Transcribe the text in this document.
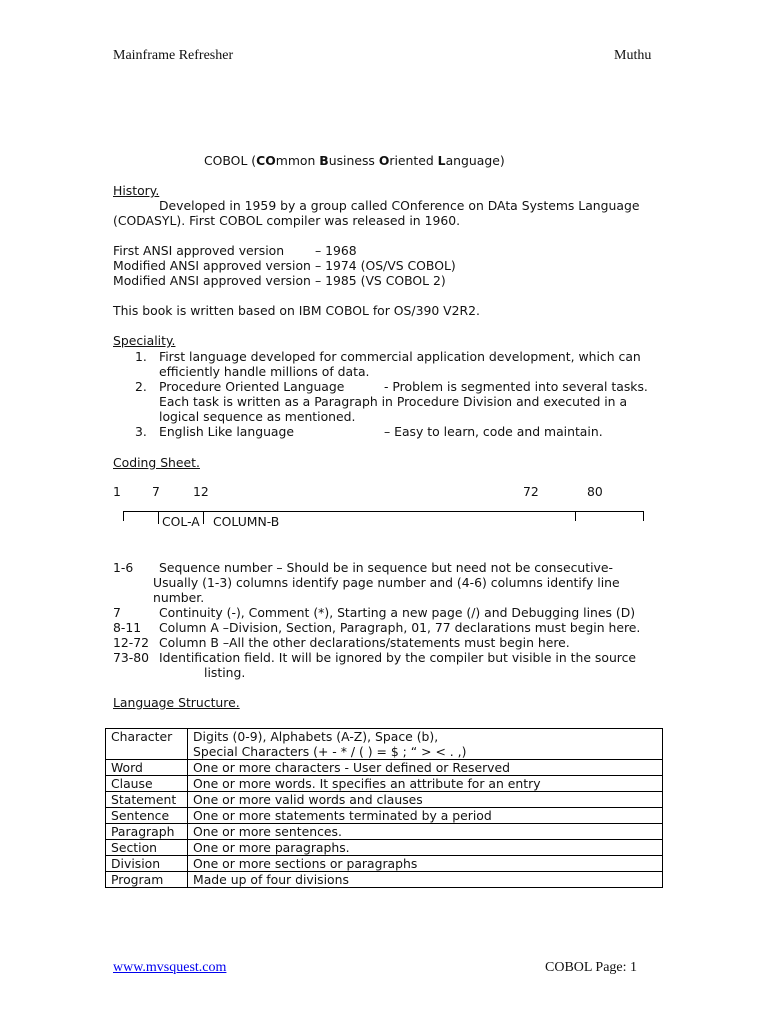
Mainframe Refresher	Muthu
COBOL (COmmon Business Oriented Language)
History.
Developed in 1959 by a group called COnference on DAta Systems Language
(CODASYL). First COBOL compiler was released in 1960.
First ANSI approved version – 1968
Modified ANSI approved version – 1974 (OS/VS COBOL)
Modified ANSI approved version – 1985 (VS COBOL 2)
This book is written based on IBM COBOL for OS/390 V2R2.
Speciality.
1. First language developed for commercial application development, which can
efficiently handle millions of data.
2. Procedure Oriented Language	- Problem is segmented into several tasks.
Each task is written as a Paragraph in Procedure Division and executed in a
logical sequence as mentioned.
3. English Like language	– Easy to learn, code and maintain.
Coding Sheet.
1	7	12	72	80
COL-A COLUMN-B
1-6 Sequence number – Should be in sequence but need not be consecutive-
Usually (1-3) columns identify page number and (4-6) columns identify line
number.
7	Continuity (-), Comment (*), Starting a new page (/) and Debugging lines (D)
8-11 Column A –Division, Section, Paragraph, 01, 77 declarations must begin here.
12-72 Column B –All the other declarations/statements must begin here.
73-80 Identification field. It will be ignored by the compiler but visible in the source
listing.
Language Structure.
Character	Digits (0-9), Alphabets (A-Z), Space (b),
Special Characters (+ - * / ( ) = $ ; “ > < . ,)

Word	One or more characters - User defined or Reserved
Clause	One or more words. It specifies an attribute for an entry
Statement	One or more valid words and clauses
Sentence	One or more statements terminated by a period
Paragraph	One or more sentences.
Section	One or more paragraphs.
Division	One or more sections or paragraphs
Program	Made up of four divisions
www.mvsquest.com	COBOL Page: 1
